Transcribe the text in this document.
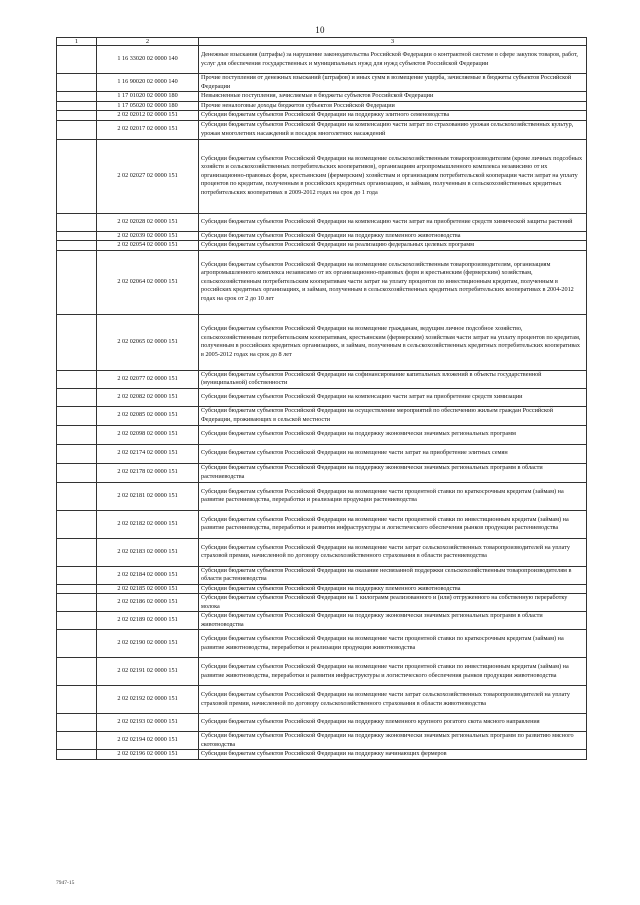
10
1	2	3
	1 16 33020 02 0000 140	Денежные взыскания (штрафы) за нарушение законодательства Российской Федерации о контрактной системе в сфере закупок товаров, работ, услуг для обеспечения государственных и муниципальных нужд для нужд субъектов Российской Федерации
	1 16 90020 02 0000 140	Прочие поступления от денежных взысканий (штрафов) и иных сумм в возмещение ущерба, зачисляемые в бюджеты субъектов Российской Федерации
	1 17 01020 02 0000 180	Невыясненные поступления, зачисляемые в бюджеты субъектов Российской Федерации
	1 17 05020 02 0000 180	Прочие неналоговые доходы бюджетов субъектов Российской Федерации
	2 02 02012 02 0000 151	Субсидии бюджетам субъектов Российской Федерации на поддержку элитного семеноводства
	2 02 02017 02 0000 151	Субсидии бюджетам субъектов Российской Федерации на компенсацию части затрат по страхованию урожая сельскохозяйственных культур, урожая многолетних насаждений и посадок многолетних насаждений
	2 02 02027 02 0000 151	Субсидии бюджетам субъектов Российской Федерации на возмещение сельскохозяйственным товаропроизводителям (кроме личных подсобных хозяйств и сельскохозяйственных потребительских кооперативов), организациям агропромышленного комплекса независимо от их организационно-правовых форм, крестьянским (фермерским) хозяйствам и организациям потребительской кооперации части затрат на уплату процентов по кредитам, полученным в российских кредитных организациях, и займам, полученным в сельскохозяйственных кредитных потребительских кооперативах в 2009-2012 годах на срок до 1 года
	2 02 02028 02 0000 151	Субсидии бюджетам субъектов Российской Федерации на компенсацию части затрат на приобретение средств химической защиты растений
	2 02 02039 02 0000 151	Субсидии бюджетам субъектов Российской Федерации на поддержку племенного животноводства
	2 02 02054 02 0000 151	Субсидии бюджетам субъектов Российской Федерации на реализацию федеральных целевых программ
	2 02 02064 02 0000 151	Субсидии бюджетам субъектов Российской Федерации на возмещение сельскохозяйственным товаропроизводителям, организациям агропромышленного комплекса независимо от их организационно-правовых форм и крестьянским (фермерским) хозяйствам, сельскохозяйственным потребительским кооперативам части затрат на уплату процентов по инвестиционным кредитам, полученным в российских кредитных организациях, и займам, полученным в сельскохозяйственных кредитных потребительских кооперативах в 2004-2012 годах на срок от 2 до 10 лет
	2 02 02065 02 0000 151	Субсидии бюджетам субъектов Российской Федерации на возмещение гражданам, ведущим личное подсобное хозяйство, сельскохозяйственным потребительским кооперативам, крестьянским (фермерским) хозяйствам части затрат на уплату процентов по кредитам, полученным в российских кредитных организациях, и займам, полученным в сельскохозяйственных кредитных потребительских кооперативах в 2005-2012 годах на срок до 8 лет
	2 02 02077 02 0000 151	Субсидии бюджетам субъектов Российской Федерации на софинансирование капитальных вложений в объекты государственной (муниципальной) собственности
	2 02 02082 02 0000 151	Субсидии бюджетам субъектов Российской Федерации на компенсацию части затрат на приобретение средств химизации
	2 02 02085 02 0000 151	Субсидии бюджетам субъектов Российской Федерации на осуществление мероприятий по обеспечению жильем граждан Российской Федерации, проживающих в сельской местности
	2 02 02098 02 0000 151	Субсидии бюджетам субъектов Российской Федерации на поддержку экономически значимых региональных программ
	2 02 02174 02 0000 151	Субсидии бюджетам субъектов Российской Федерации на возмещение части затрат на приобретение элитных семян
	2 02 02178 02 0000 151	Субсидии бюджетам субъектов Российской Федерации на поддержку экономически значимых региональных программ в области растениеводства
	2 02 02181 02 0000 151	Субсидии бюджетам субъектов Российской Федерации на возмещение части процентной ставки по краткосрочным кредитам (займам) на развитие растениеводства, переработки и реализации продукции растениеводства
	2 02 02182 02 0000 151	Субсидии бюджетам субъектов Российской Федерации на возмещение части процентной ставки по инвестиционным кредитам (займам) на развитие растениеводства, переработки и развития инфраструктуры и логистического обеспечения рынков продукции растениеводства
	2 02 02183 02 0000 151	Субсидии бюджетам субъектов Российской Федерации на возмещение части затрат сельскохозяйственных товаропроизводителей на уплату страховой премии, начисленной по договору сельскохозяйственного страхования в области растениеводства
	2 02 02184 02 0000 151	Субсидии бюджетам субъектов Российской Федерации на оказание несвязанной поддержки сельскохозяйственным товаропроизводителям в области растениеводства
	2 02 02185 02 0000 151	Субсидии бюджетам субъектов Российской Федерации на поддержку племенного животноводства
	2 02 02186 02 0000 151	Субсидии бюджетам субъектов Российской Федерации на 1 килограмм реализованного и (или) отгруженного на собственную переработку молока
	2 02 02189 02 0000 151	Субсидии бюджетам субъектов Российской Федерации на поддержку экономически значимых региональных программ в области животноводства
	2 02 02190 02 0000 151	Субсидии бюджетам субъектов Российской Федерации на возмещение части процентной ставки по краткосрочным кредитам (займам) на развитие животноводства, переработки и реализации продукции животноводства
	2 02 02191 02 0000 151	Субсидии бюджетам субъектов Российской Федерации на возмещение части процентной ставки по инвестиционным кредитам (займам) на развитие животноводства, переработки и развития инфраструктуры и логистического обеспечения рынков продукции животноводства
	2 02 02192 02 0000 151	Субсидии бюджетам субъектов Российской Федерации на возмещение части затрат сельскохозяйственных товаропроизводителей на уплату страховой премии, начисленной по договору сельскохозяйственного страхования в области животноводства
	2 02 02193 02 0000 151	Субсидии бюджетам субъектов Российской Федерации на поддержку племенного крупного рогатого скота мясного направления
	2 02 02194 02 0000 151	Субсидии бюджетам субъектов Российской Федерации на поддержку экономически значимых региональных программ по развитию мясного скотоводства
	2 02 02196 02 0000 151	Субсидии бюджетам субъектов Российской Федерации на поддержку начинающих фермеров
7947-15
